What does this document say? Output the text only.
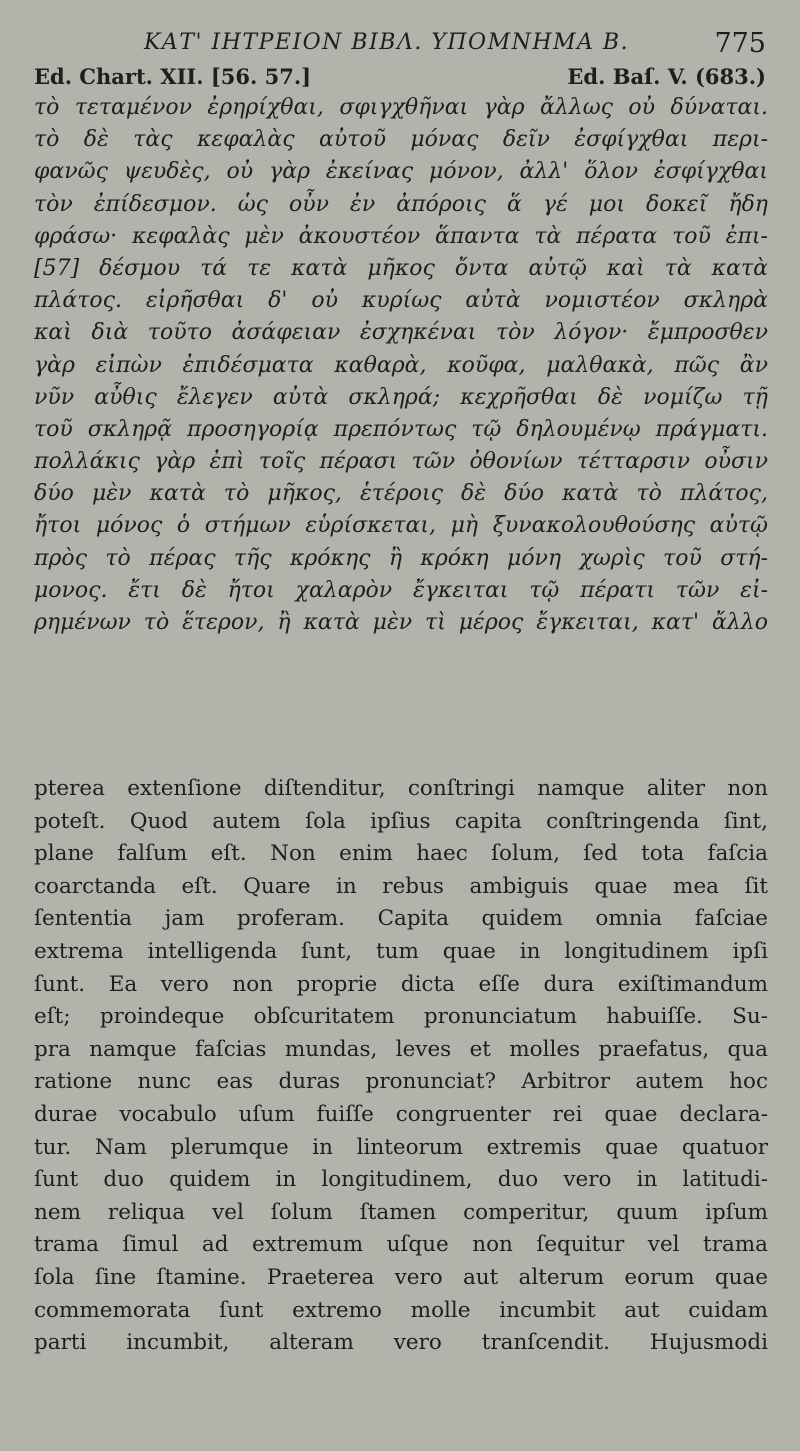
ΚΑΤ' ΙΗΤΡΕΙΟΝ ΒΙΒΛ. ΥΠΟΜΝΗΜΑ Β.	775
Ed. Chart. XII. [56. 57.]	Ed. Baſ. V. (683.)
τὸ τεταμένον ἐρηρίχθαι, σφιγχθῆναι γὰρ ἄλλως οὐ δύναται.
τὸ δὲ τὰς κεφαλὰς αὐτοῦ μόνας δεῖν ἐσφίγχθαι περι-
φανῶς ψευδὲς, οὐ γὰρ ἐκείνας μόνον, ἀλλ' ὅλον ἐσφίγχθαι
τὸν ἐπίδεσμον. ὡς οὖν ἐν ἀπόροις ἅ γέ μοι δοκεῖ ἤδη
φράσω· κεφαλὰς μὲν ἀκουστέον ἅπαντα τὰ πέρατα τοῦ ἐπι-
[57] δέσμου τά τε κατὰ μῆκος ὄντα αὐτῷ καὶ τὰ κατὰ
πλάτος. εἰρῆσθαι δ' οὐ κυρίως αὐτὰ νομιστέον σκληρὰ
καὶ διὰ τοῦτο ἀσάφειαν ἐσχηκέναι τὸν λόγον· ἔμπροσθεν
γὰρ εἰπὼν ἐπιδέσματα καθαρὰ, κοῦφα, μαλθακὰ, πῶς ἂν
νῦν αὖθις ἔλεγεν αὐτὰ σκληρά; κεχρῆσθαι δὲ νομίζω τῇ
τοῦ σκληρᾷ προσηγορίᾳ πρεπόντως τῷ δηλουμένῳ πράγματι.
πολλάκις γὰρ ἐπὶ τοῖς πέρασι τῶν ὀθονίων τέτταρσιν οὖσιν
δύο μὲν κατὰ τὸ μῆκος, ἑτέροις δὲ δύο κατὰ τὸ πλάτος,
ἤτοι μόνος ὁ στήμων εὑρίσκεται, μὴ ξυνακολουθούσης αὐτῷ
πρὸς τὸ πέρας τῆς κρόκης ἢ κρόκη μόνη χωρὶς τοῦ στή-
μονος. ἔτι δὲ ἤτοι χαλαρὸν ἔγκειται τῷ πέρατι τῶν εἰ-
ρημένων τὸ ἕτερον, ἢ κατὰ μὲν τὶ μέρος ἔγκειται, κατ' ἄλλο
pterea extenſione diſtenditur, conſtringi namque aliter non
poteſt. Quod autem ſola ipſius capita conſtringenda ſint,
plane falſum eſt. Non enim haec ſolum, ſed tota faſcia
coarctanda eſt. Quare in rebus ambiguis quae mea ſit
ſententia jam proferam. Capita quidem omnia faſciae
extrema intelligenda ſunt, tum quae in longitudinem ipſi
ſunt. Ea vero non proprie dicta eſſe dura exiſtimandum
eſt; proindeque obſcuritatem pronunciatum habuiſſe. Su-
pra namque faſcias mundas, leves et molles praefatus, qua
ratione nunc eas duras pronunciat? Arbitror autem hoc
durae vocabulo uſum fuiſſe congruenter rei quae declara-
tur. Nam plerumque in linteorum extremis quae quatuor
ſunt duo quidem in longitudinem, duo vero in latitudi-
nem reliqua vel ſolum ſtamen comperitur, quum ipſum
trama ſimul ad extremum uſque non ſequitur vel trama
ſola ſine ſtamine. Praeterea vero aut alterum eorum quae
commemorata ſunt extremo molle incumbit aut cuidam
parti incumbit, alteram vero tranſcendit. Hujusmodi
